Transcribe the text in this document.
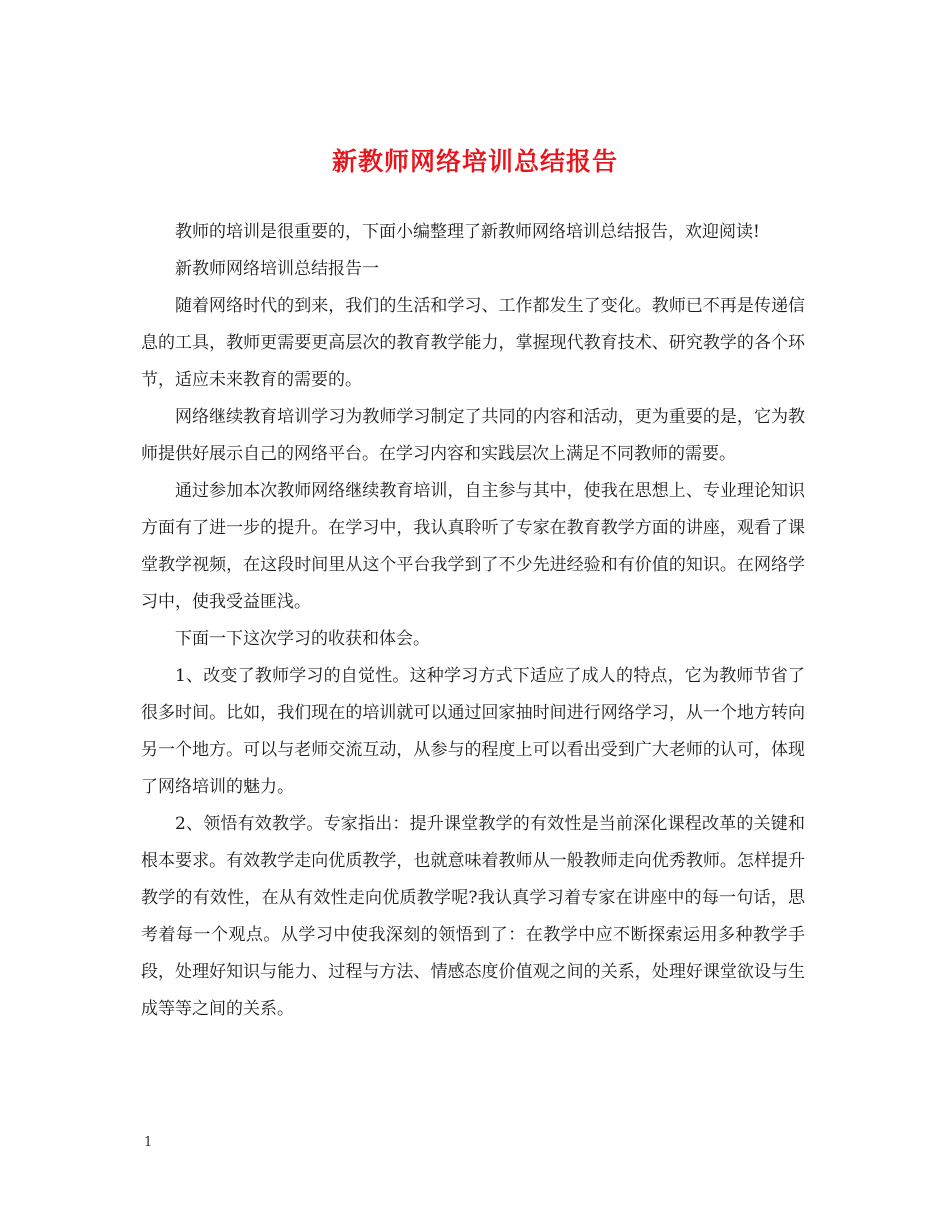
新教师网络培训总结报告

教师的培训是很重要的，下面小编整理了新教师网络培训总结报告，欢迎阅读!

新教师网络培训总结报告一

随着网络时代的到来，我们的生活和学习、工作都发生了变化。教师已不再是传递信息的工具，教师更需要更高层次的教育教学能力，掌握现代教育技术、研究教学的各个环节，适应未来教育的需要的。

网络继续教育培训学习为教师学习制定了共同的内容和活动，更为重要的是，它为教师提供好展示自己的网络平台。在学习内容和实践层次上满足不同教师的需要。

通过参加本次教师网络继续教育培训，自主参与其中，使我在思想上、专业理论知识方面有了进一步的提升。在学习中，我认真聆听了专家在教育教学方面的讲座，观看了课堂教学视频，在这段时间里从这个平台我学到了不少先进经验和有价值的知识。在网络学习中，使我受益匪浅。

下面一下这次学习的收获和体会。

1、改变了教师学习的自觉性。这种学习方式下适应了成人的特点，它为教师节省了很多时间。比如，我们现在的培训就可以通过回家抽时间进行网络学习，从一个地方转向另一个地方。可以与老师交流互动，从参与的程度上可以看出受到广大老师的认可，体现了网络培训的魅力。

2、领悟有效教学。专家指出：提升课堂教学的有效性是当前深化课程改革的关键和根本要求。有效教学走向优质教学，也就意味着教师从一般教师走向优秀教师。怎样提升教学的有效性，在从有效性走向优质教学呢?我认真学习着专家在讲座中的每一句话，思考着每一个观点。从学习中使我深刻的领悟到了：在教学中应不断探索运用多种教学手段，处理好知识与能力、过程与方法、情感态度价值观之间的关系，处理好课堂欲设与生成等等之间的关系。

1
